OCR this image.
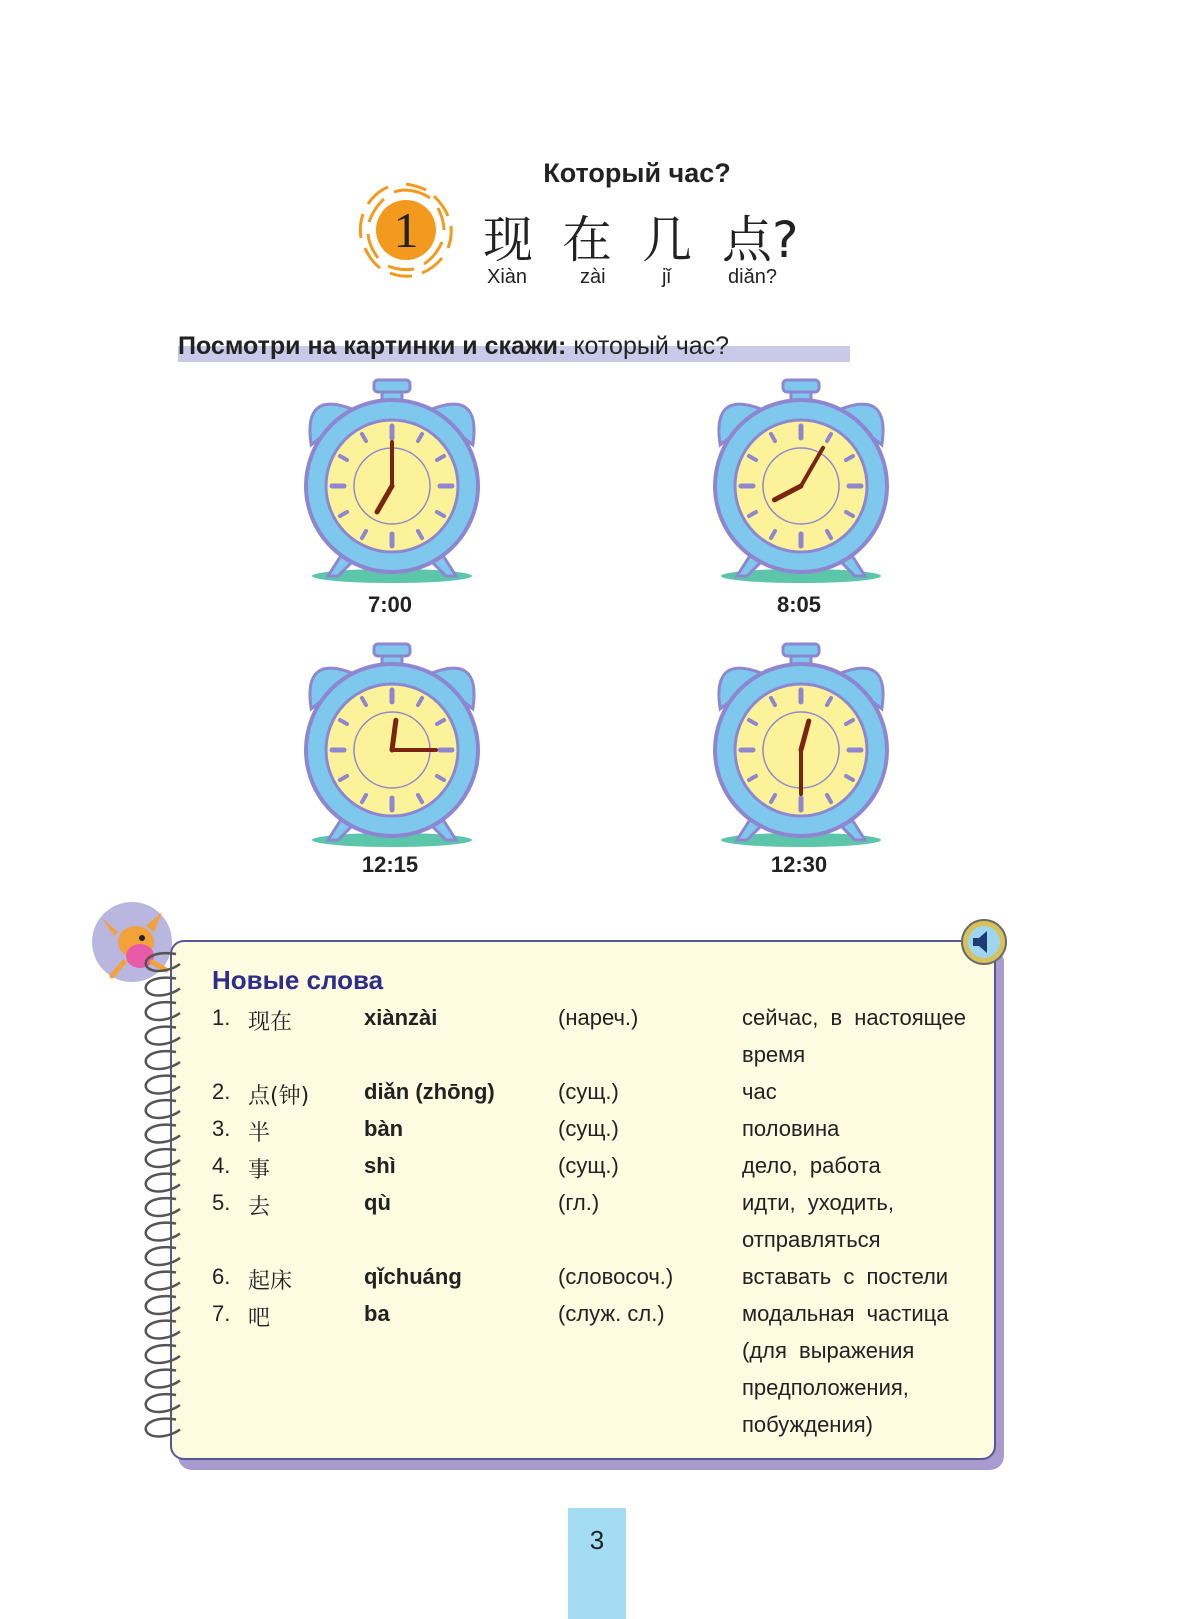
Который час?
1	现 在 几 点?
Xiàn	zài	jǐ	diǎn?
Посмотри на картинки и скажи: который час?
7:00	8:05
12:15	12:30
Новые слова
1. 现在	xiànzài	(нареч.)	сейчас, в настоящее время
2. 点(钟) diǎn (zhōng)	(сущ.)	час
3. 半	bàn	(сущ.)	половина
4. 事	shì	(сущ.)	дело, работа
5. 去	qù	(гл.)	идти, уходить, отправляться
6. 起床	qǐchuáng	(словосоч.)	вставать с постели
7. 吧	ba	(служ. сл.)	модальная частица (для выражения предположения, побуждения)
3
